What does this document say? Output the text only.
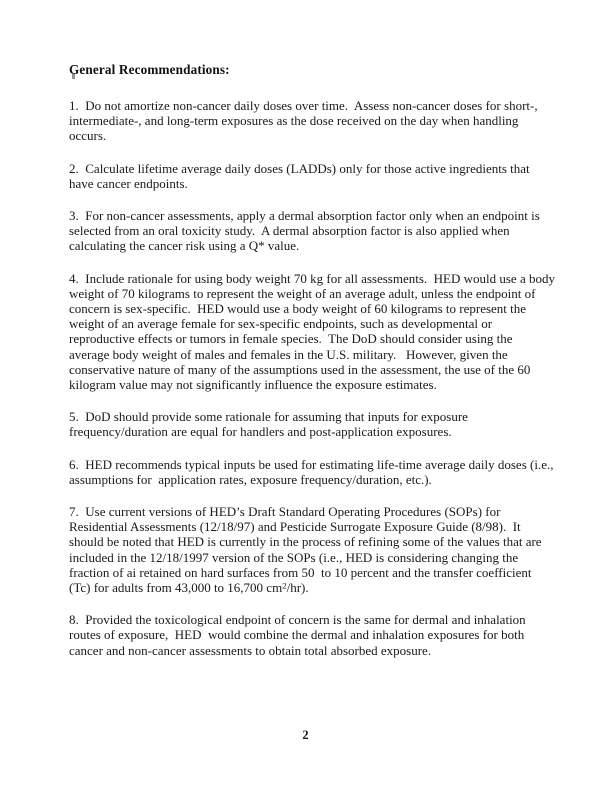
General Recommendations:

1.  Do not amortize non-cancer daily doses over time.  Assess non-cancer doses for short-, intermediate-, and long-term exposures as the dose received on the day when handling occurs.

2.  Calculate lifetime average daily doses (LADDs) only for those active ingredients that have cancer endpoints.

3.  For non-cancer assessments, apply a dermal absorption factor only when an endpoint is selected from an oral toxicity study.  A dermal absorption factor is also applied when calculating the cancer risk using a Q* value.

4.  Include rationale for using body weight 70 kg for all assessments.  HED would use a body weight of 70 kilograms to represent the weight of an average adult, unless the endpoint of concern is sex-specific.  HED would use a body weight of 60 kilograms to represent the weight of an average female for sex-specific endpoints, such as developmental or reproductive effects or tumors in female species.  The DoD should consider using the average body weight of males and females in the U.S. military.   However, given the conservative nature of many of the assumptions used in the assessment, the use of the 60 kilogram value may not significantly influence the exposure estimates.

5.  DoD should provide some rationale for assuming that inputs for exposure frequency/duration are equal for handlers and post-application exposures.

6.  HED recommends typical inputs be used for estimating life-time average daily doses (i.e., assumptions for  application rates, exposure frequency/duration, etc.).

7.  Use current versions of HED’s Draft Standard Operating Procedures (SOPs) for Residential Assessments (12/18/97) and Pesticide Surrogate Exposure Guide (8/98).  It should be noted that HED is currently in the process of refining some of the values that are included in the 12/18/1997 version of the SOPs (i.e., HED is considering changing the fraction of ai retained on hard surfaces from 50  to 10 percent and the transfer coefficient (Tc) for adults from 43,000 to 16,700 $cm^2/hr$).

8.  Provided the toxicological endpoint of concern is the same for dermal and inhalation routes of exposure,  HED  would combine the dermal and inhalation exposures for both cancer and non-cancer assessments to obtain total absorbed exposure.

2
